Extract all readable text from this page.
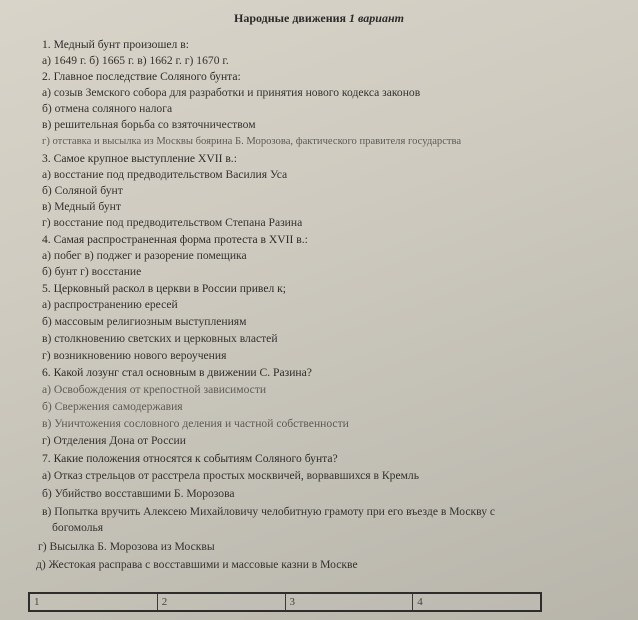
Народные движения 1 вариант
1. Медный бунт произошел в:
а) 1649 г. б) 1665 г. в) 1662 г. г) 1670 г.
2. Главное последствие Соляного бунта:
а) созыв Земского собора для разработки и принятия нового кодекса законов
б) отмена соляного налога
в) решительная борьба со взяточничеством
г) отставка и высылка из Москвы боярина Б. Морозова, фактического правителя государства
3. Самое крупное выступление XVII в.:
а) восстание под предводительством Василия Уса
б) Соляной бунт
в) Медный бунт
г) восстание под предводительством Степана Разина
4. Самая распространенная форма протеста в XVII в.:
а) побег в) поджег и разорение помещика
б) бунт г) восстание
5. Церковный раскол в церкви в России привел к;
а) распространению ересей
б) массовым религиозным выступлениям
в) столкновению светских и церковных властей
г) возникновению нового вероучения
6. Какой лозунг стал основным в движении С. Разина?
а) Освобождения от крепостной зависимости
б) Свержения самодержавия
в) Уничтожения сословного деления и частной собственности
г) Отделения Дона от России
7. Какие положения относятся к событиям Соляного бунта?
а) Отказ стрельцов от расстрела простых москвичей, ворвавшихся в Кремль
б) Убийство восставшими Б. Морозова
в) Попытка вручить Алексею Михайловичу челобитную грамоту при его въезде в Москву с
богомолья
г) Высылка Б. Морозова из Москвы
д) Жестокая расправа с восставшими и массовые казни в Москве
1	2	3	4
